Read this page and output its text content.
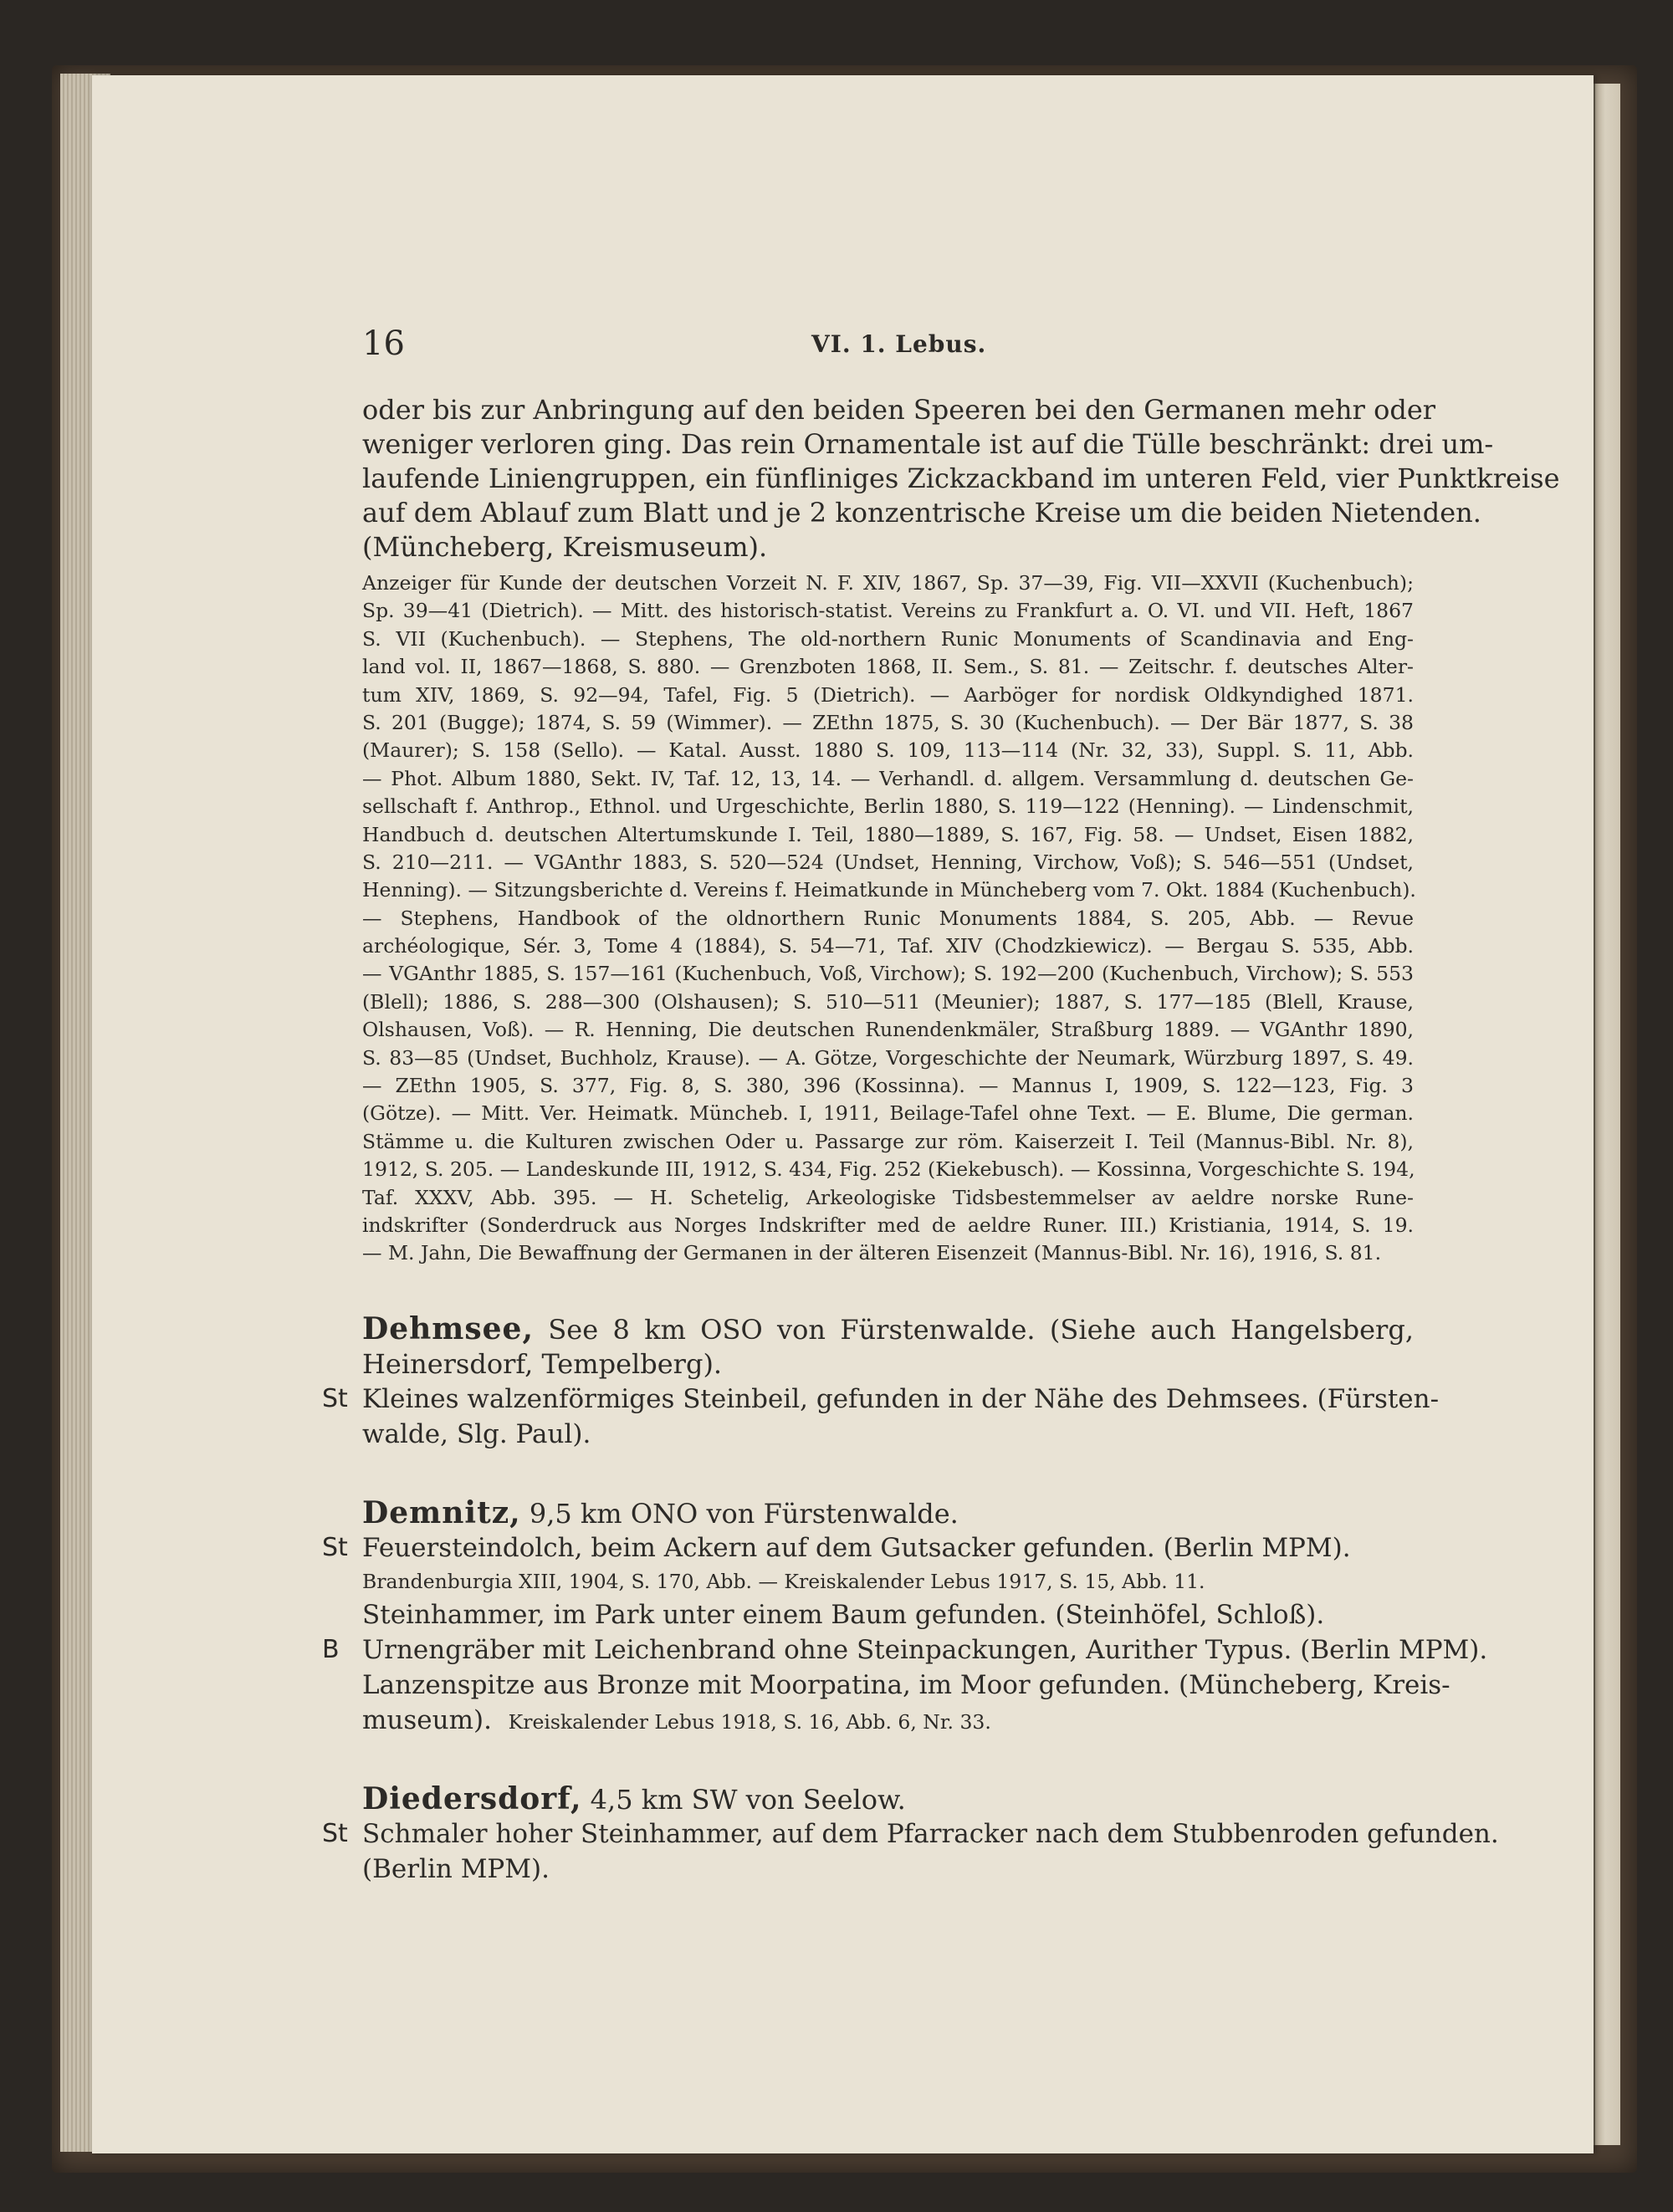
16	VI. 1. Lebus.
oder bis zur Anbringung auf den beiden Speeren bei den Germanen mehr oder
weniger verloren ging. Das rein Ornamentale ist auf die Tülle beschränkt: drei um-
laufende Liniengruppen, ein fünfliniges Zickzackband im unteren Feld, vier Punktkreise
auf dem Ablauf zum Blatt und je 2 konzentrische Kreise um die beiden Nietenden.
(Müncheberg, Kreismuseum).
Anzeiger für Kunde der deutschen Vorzeit N. F. XIV, 1867, Sp. 37—39, Fig. VII—XXVII (Kuchenbuch);
Sp. 39—41 (Dietrich). — Mitt. des historisch-statist. Vereins zu Frankfurt a. O. VI. und VII. Heft, 1867
S. VII (Kuchenbuch). — Stephens, The old-northern Runic Monuments of Scandinavia and Eng-
land vol. II, 1867—1868, S. 880. — Grenzboten 1868, II. Sem., S. 81. — Zeitschr. f. deutsches Alter-
tum XIV, 1869, S. 92—94, Tafel, Fig. 5 (Dietrich). — Aarböger for nordisk Oldkyndighed 1871.
S. 201 (Bugge); 1874, S. 59 (Wimmer). — ZEthn 1875, S. 30 (Kuchenbuch). — Der Bär 1877, S. 38
(Maurer); S. 158 (Sello). — Katal. Ausst. 1880 S. 109, 113—114 (Nr. 32, 33), Suppl. S. 11, Abb.
— Phot. Album 1880, Sekt. IV, Taf. 12, 13, 14. — Verhandl. d. allgem. Versammlung d. deutschen Ge-
sellschaft f. Anthrop., Ethnol. und Urgeschichte, Berlin 1880, S. 119—122 (Henning). — Lindenschmit,
Handbuch d. deutschen Altertumskunde I. Teil, 1880—1889, S. 167, Fig. 58. — Undset, Eisen 1882,
S. 210—211. — VGAnthr 1883, S. 520—524 (Undset, Henning, Virchow, Voß); S. 546—551 (Undset,
Henning). — Sitzungsberichte d. Vereins f. Heimatkunde in Müncheberg vom 7. Okt. 1884 (Kuchenbuch).
— Stephens, Handbook of the oldnorthern Runic Monuments 1884, S. 205, Abb. — Revue
archéologique, Sér. 3, Tome 4 (1884), S. 54—71, Taf. XIV (Chodzkiewicz). — Bergau S. 535, Abb.
— VGAnthr 1885, S. 157—161 (Kuchenbuch, Voß, Virchow); S. 192—200 (Kuchenbuch, Virchow); S. 553
(Blell); 1886, S. 288—300 (Olshausen); S. 510—511 (Meunier); 1887, S. 177—185 (Blell, Krause,
Olshausen, Voß). — R. Henning, Die deutschen Runendenkmäler, Straßburg 1889. — VGAnthr 1890,
S. 83—85 (Undset, Buchholz, Krause). — A. Götze, Vorgeschichte der Neumark, Würzburg 1897, S. 49.
— ZEthn 1905, S. 377, Fig. 8, S. 380, 396 (Kossinna). — Mannus I, 1909, S. 122—123, Fig. 3
(Götze). — Mitt. Ver. Heimatk. Müncheb. I, 1911, Beilage-Tafel ohne Text. — E. Blume, Die german.
Stämme u. die Kulturen zwischen Oder u. Passarge zur röm. Kaiserzeit I. Teil (Mannus-Bibl. Nr. 8),
1912, S. 205. — Landeskunde III, 1912, S. 434, Fig. 252 (Kiekebusch). — Kossinna, Vorgeschichte S. 194,
Taf. XXXV, Abb. 395. — H. Schetelig, Arkeologiske Tidsbestemmelser av aeldre norske Rune-
indskrifter (Sonderdruck aus Norges Indskrifter med de aeldre Runer. III.) Kristiania, 1914, S. 19.
— M. Jahn, Die Bewaffnung der Germanen in der älteren Eisenzeit (Mannus-Bibl. Nr. 16), 1916, S. 81.
Dehmsee, See 8 km OSO von Fürstenwalde. (Siehe auch Hangelsberg,
Heinersdorf, Tempelberg).
St Kleines walzenförmiges Steinbeil, gefunden in der Nähe des Dehmsees. (Fürsten-
walde, Slg. Paul).
Demnitz, 9,5 km ONO von Fürstenwalde.
St Feuersteindolch, beim Ackern auf dem Gutsacker gefunden. (Berlin MPM).
Brandenburgia XIII, 1904, S. 170, Abb. — Kreiskalender Lebus 1917, S. 15, Abb. 11.
Steinhammer, im Park unter einem Baum gefunden. (Steinhöfel, Schloß).
B Urnengräber mit Leichenbrand ohne Steinpackungen, Aurither Typus. (Berlin MPM).
Lanzenspitze aus Bronze mit Moorpatina, im Moor gefunden. (Müncheberg, Kreis-
museum). Kreiskalender Lebus 1918, S. 16, Abb. 6, Nr. 33.
Diedersdorf, 4,5 km SW von Seelow.
St Schmaler hoher Steinhammer, auf dem Pfarracker nach dem Stubbenroden gefunden.
(Berlin MPM).
